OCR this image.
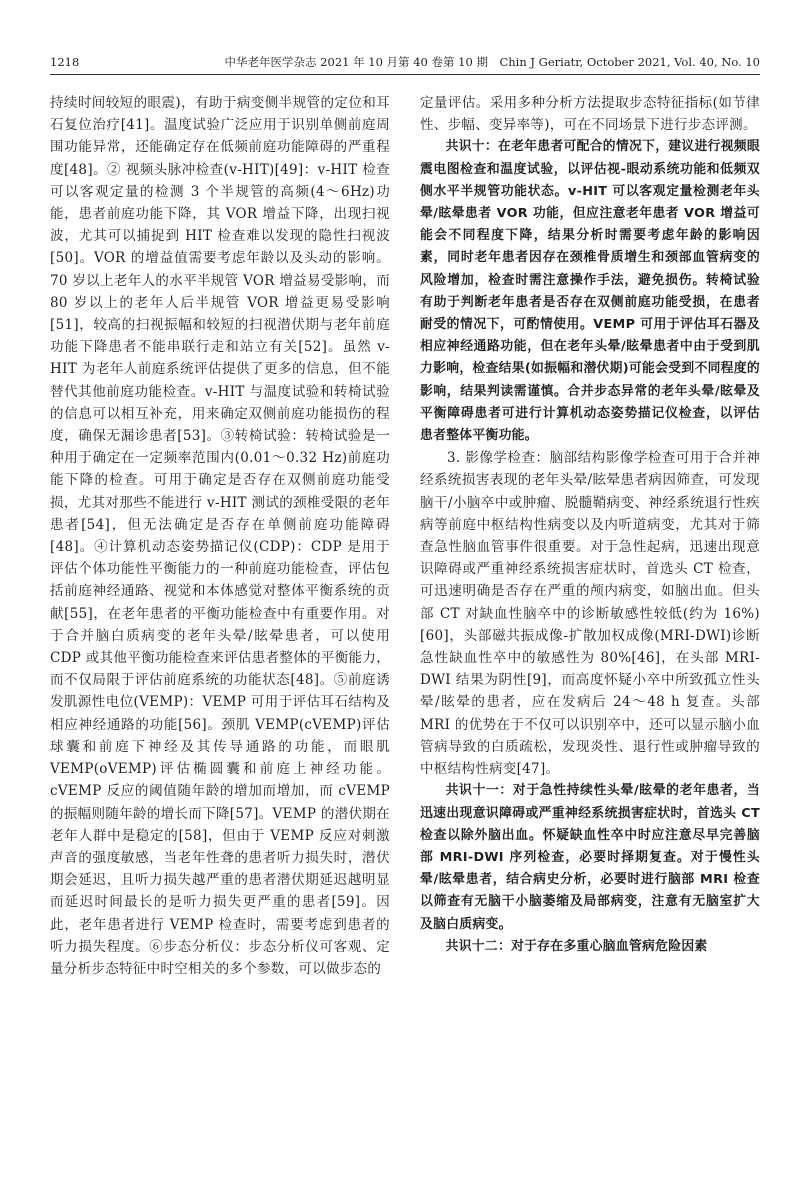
1218	中华老年医学杂志 2021 年 10 月第 40 卷第 10 期　Chin J Geriatr, October 2021, Vol. 40, No. 10

持续时间较短的眼震)，有助于病变侧半规管的定位和耳石复位治疗[41]。温度试验广泛应用于识别单侧前庭周围功能异常，还能确定存在低频前庭功能障碍的严重程度[48]。② 视频头脉冲检查(v-HIT)[49]：v-HIT 检查可以客观定量的检测 3 个半规管的高频(4～6Hz)功能，患者前庭功能下降，其 VOR 增益下降，出现扫视波，尤其可以捕捉到 HIT 检查难以发现的隐性扫视波[50]。VOR 的增益值需要考虑年龄以及头动的影响。70 岁以上老年人的水平半规管 VOR 增益易受影响，而 80 岁以上的老年人后半规管 VOR 增益更易受影响[51]，较高的扫视振幅和较短的扫视潜伏期与老年前庭功能下降患者不能串联行走和站立有关[52]。虽然 v-HIT 为老年人前庭系统评估提供了更多的信息，但不能替代其他前庭功能检查。v-HIT 与温度试验和转椅试验的信息可以相互补充，用来确定双侧前庭功能损伤的程度，确保无漏诊患者[53]。③转椅试验：转椅试验是一种用于确定在一定频率范围内(0.01～0.32 Hz)前庭功能下降的检查。可用于确定是否存在双侧前庭功能受损，尤其对那些不能进行 v-HIT 测试的颈椎受限的老年患者[54]，但无法确定是否存在单侧前庭功能障碍[48]。④计算机动态姿势描记仪(CDP)：CDP 是用于评估个体功能性平衡能力的一种前庭功能检查，评估包括前庭神经通路、视觉和本体感觉对整体平衡系统的贡献[55]，在老年患者的平衡功能检查中有重要作用。对于合并脑白质病变的老年头晕/眩晕患者，可以使用 CDP 或其他平衡功能检查来评估患者整体的平衡能力，而不仅局限于评估前庭系统的功能状态[48]。⑤前庭诱发肌源性电位(VEMP)：VEMP 可用于评估耳石结构及相应神经通路的功能[56]。颈肌 VEMP(cVEMP)评估球囊和前庭下神经及其传导通路的功能，而眼肌 VEMP(oVEMP)评估椭圆囊和前庭上神经功能。cVEMP 反应的阈值随年龄的增加而增加，而 cVEMP 的振幅则随年龄的增长而下降[57]。VEMP 的潜伏期在老年人群中是稳定的[58]，但由于 VEMP 反应对刺激声音的强度敏感，当老年性聋的患者听力损失时，潜伏期会延迟，且听力损失越严重的患者潜伏期延迟越明显而延迟时间最长的是听力损失更严重的患者[59]。因此，老年患者进行 VEMP 检查时，需要考虑到患者的听力损失程度。⑥步态分析仪：步态分析仪可客观、定量分析步态特征中时空相关的多个参数，可以做步态的

定量评估。采用多种分析方法提取步态特征指标(如节律性、步幅、变异率等)，可在不同场景下进行步态评测。

共识十：在老年患者可配合的情况下，建议进行视频眼震电图检查和温度试验，以评估视-眼动系统功能和低频双侧水平半规管功能状态。v-HIT 可以客观定量检测老年头晕/眩晕患者 VOR 功能，但应注意老年患者 VOR 增益可能会不同程度下降，结果分析时需要考虑年龄的影响因素，同时老年患者因存在颈椎骨质增生和颈部血管病变的风险增加，检查时需注意操作手法，避免损伤。转椅试验有助于判断老年患者是否存在双侧前庭功能受损，在患者耐受的情况下，可酌情使用。VEMP 可用于评估耳石器及相应神经通路功能，但在老年头晕/眩晕患者中由于受到肌力影响，检查结果(如振幅和潜伏期)可能会受到不同程度的影响，结果判读需谨慎。合并步态异常的老年头晕/眩晕及平衡障碍患者可进行计算机动态姿势描记仪检查，以评估患者整体平衡功能。

3. 影像学检查：脑部结构影像学检查可用于合并神经系统损害表现的老年头晕/眩晕患者病因筛查，可发现脑干/小脑卒中或肿瘤、脱髓鞘病变、神经系统退行性疾病等前庭中枢结构性病变以及内听道病变，尤其对于筛查急性脑血管事件很重要。对于急性起病，迅速出现意识障碍或严重神经系统损害症状时，首选头 CT 检查，可迅速明确是否存在严重的颅内病变，如脑出血。但头部 CT 对缺血性脑卒中的诊断敏感性较低(约为 16%)[60]，头部磁共振成像-扩散加权成像(MRI-DWI)诊断急性缺血性卒中的敏感性为 80%[46]，在头部 MRI-DWI 结果为阴性[9]，而高度怀疑小卒中所致孤立性头晕/眩晕的患者，应在发病后 24～48 h 复查。头部 MRI 的优势在于不仅可以识别卒中，还可以显示脑小血管病导致的白质疏松，发现炎性、退行性或肿瘤导致的中枢结构性病变[47]。

共识十一：对于急性持续性头晕/眩晕的老年患者，当迅速出现意识障碍或严重神经系统损害症状时，首选头 CT 检查以除外脑出血。怀疑缺血性卒中时应注意尽早完善脑部 MRI-DWI 序列检查，必要时择期复查。对于慢性头晕/眩晕患者，结合病史分析，必要时进行脑部 MRI 检查以筛查有无脑干小脑萎缩及局部病变，注意有无脑室扩大及脑白质病变。

共识十二：对于存在多重心脑血管病危险因素
